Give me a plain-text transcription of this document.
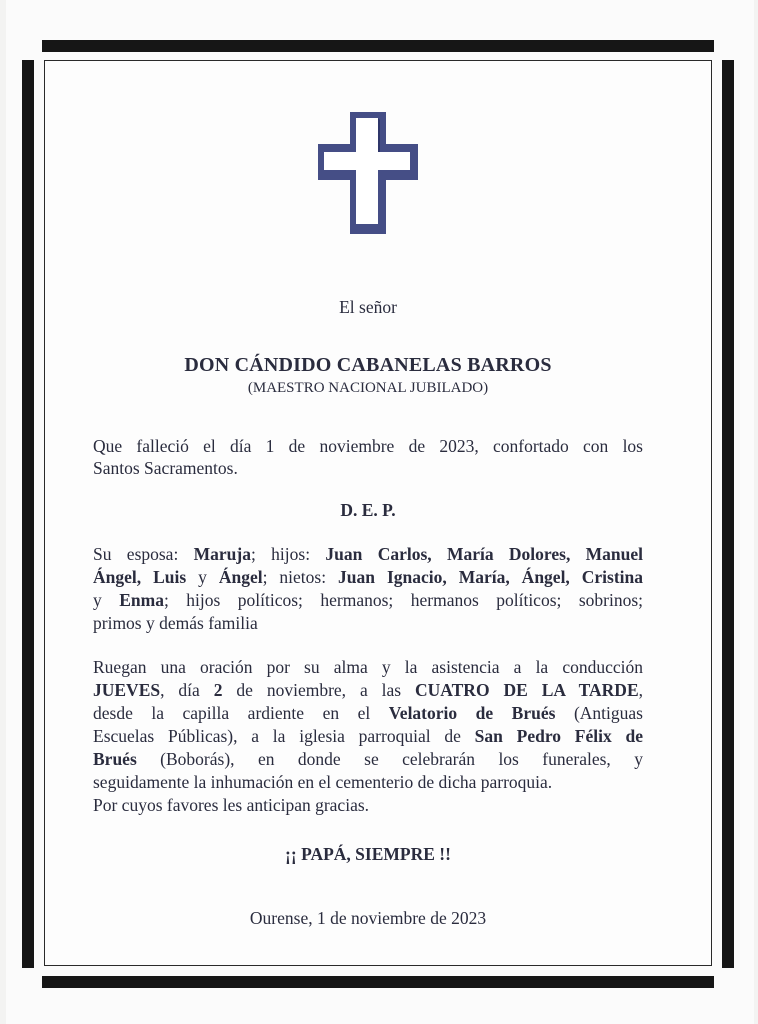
El señor
DON CÁNDIDO CABANELAS BARROS
(MAESTRO NACIONAL JUBILADO)
Que falleció el día 1 de noviembre de 2023, confortado con los
Santos Sacramentos.
D. E. P.
Su esposa: Maruja; hijos: Juan Carlos, María Dolores, Manuel
Ángel, Luis y Ángel; nietos: Juan Ignacio, María, Ángel, Cristina
y Enma; hijos políticos; hermanos; hermanos políticos; sobrinos;
primos y demás familia
Ruegan una oración por su alma y la asistencia a la conducción
JUEVES, día 2 de noviembre, a las CUATRO DE LA TARDE,
desde la capilla ardiente en el Velatorio de Brués (Antiguas
Escuelas Públicas), a la iglesia parroquial de San Pedro Félix de
Brués (Boborás), en donde se celebrarán los funerales, y
seguidamente la inhumación en el cementerio de dicha parroquia.
Por cuyos favores les anticipan gracias.
¡¡ PAPÁ, SIEMPRE !!
Ourense, 1 de noviembre de 2023
